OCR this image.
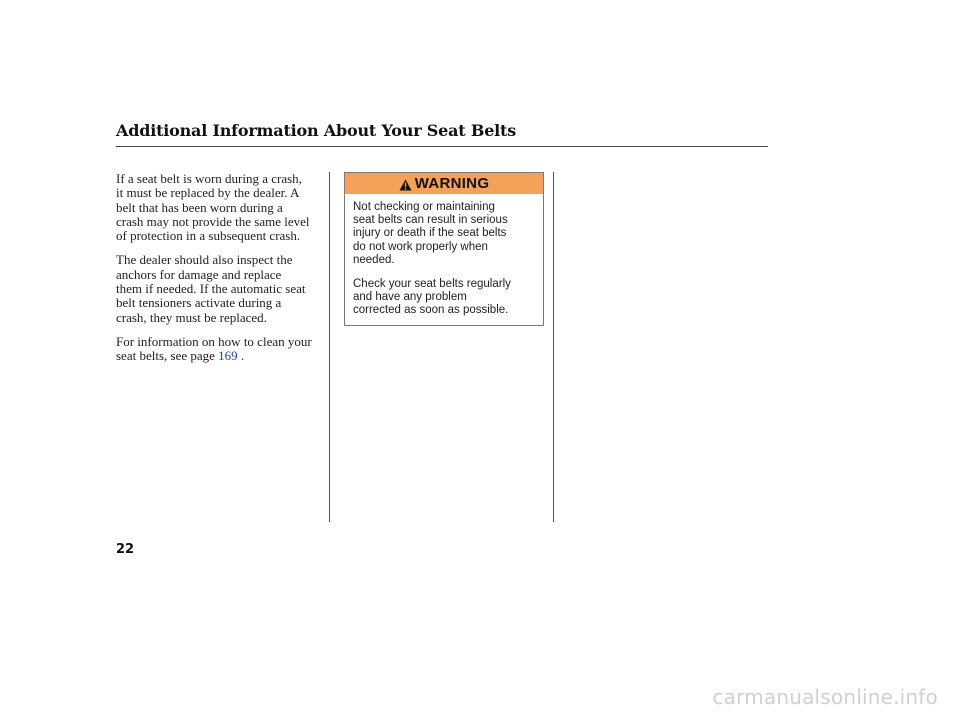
Additional Information About Your Seat Belts

If a seat belt is worn during a crash,
it must be replaced by the dealer. A
belt that has been worn during a
crash may not provide the same level
of protection in a subsequent crash.

The dealer should also inspect the
anchors for damage and replace
them if needed. If the automatic seat
belt tensioners activate during a
crash, they must be replaced.

For information on how to clean your
seat belts, see page 169 .

WARNING

Not checking or maintaining
seat belts can result in serious
injury or death if the seat belts
do not work properly when
needed.

Check your seat belts regularly
and have any problem
corrected as soon as possible.

22
carmanualsonline.info
